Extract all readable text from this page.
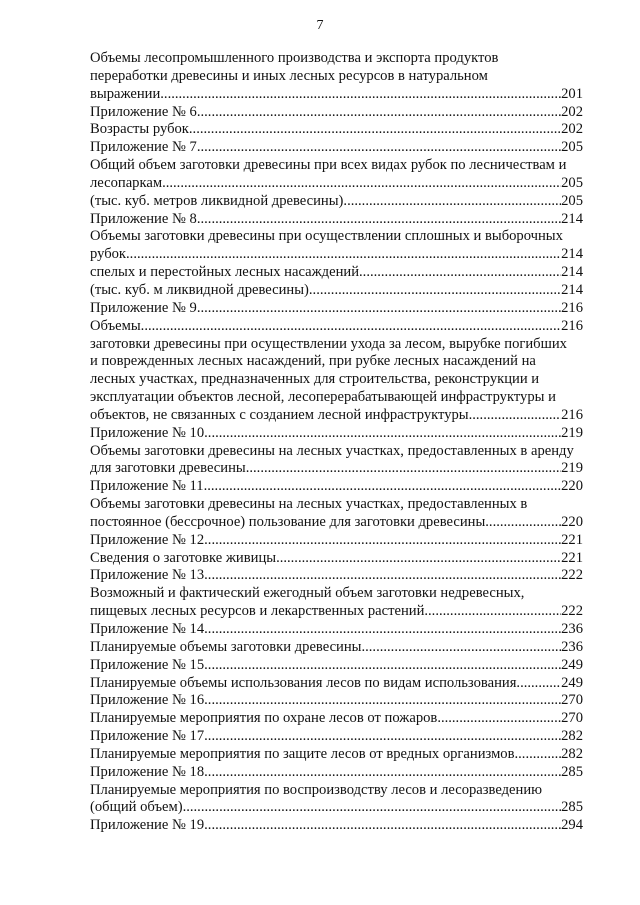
7
Объемы лесопромышленного производства и экспорта продуктов
переработки древесины и иных лесных ресурсов в натуральном
выражении .....	201
Приложение № 6 .....	202
Возрасты рубок .....	202
Приложение № 7 .....	205
Общий объем заготовки древесины при всех видах рубок по лесничествам и
лесопаркам .....	205
(тыс. куб. метров ликвидной древесины) .....	205
Приложение № 8 .....	214
Объемы заготовки древесины при осуществлении сплошных и выборочных
рубок .....	214
спелых и перестойных лесных насаждений .....	214
(тыс. куб. м ликвидной древесины) .....	214
Приложение № 9 .....	216
Объемы .....	216
заготовки древесины при осуществлении ухода за лесом, вырубке погибших
и поврежденных лесных насаждений, при рубке лесных насаждений на
лесных участках, предназначенных для строительства, реконструкции и
эксплуатации объектов лесной, лесоперерабатывающей инфраструктуры и
объектов, не связанных с созданием лесной инфраструктуры .....	216
Приложение № 10 .....	219
Объемы заготовки древесины на лесных участках, предоставленных в аренду
для заготовки древесины .....	219
Приложение № 11 .....	220
Объемы заготовки древесины на лесных участках, предоставленных в
постоянное (бессрочное) пользование для заготовки древесины .....	220
Приложение № 12 .....	221
Сведения о заготовке живицы .....	221
Приложение № 13 .....	222
Возможный и фактический ежегодный объем заготовки недревесных,
пищевых лесных ресурсов и лекарственных растений .....	222
Приложение № 14 .....	236
Планируемые объемы заготовки древесины .....	236
Приложение № 15 .....	249
Планируемые объемы использования лесов по видам использования .....	249
Приложение № 16 .....	270
Планируемые мероприятия по охране лесов от пожаров .....	270
Приложение № 17 .....	282
Планируемые мероприятия по защите лесов от вредных организмов .....	282
Приложение № 18 .....	285
Планируемые мероприятия по воспроизводству лесов и лесоразведению
(общий объем) .....	285
Приложение № 19 .....	294
